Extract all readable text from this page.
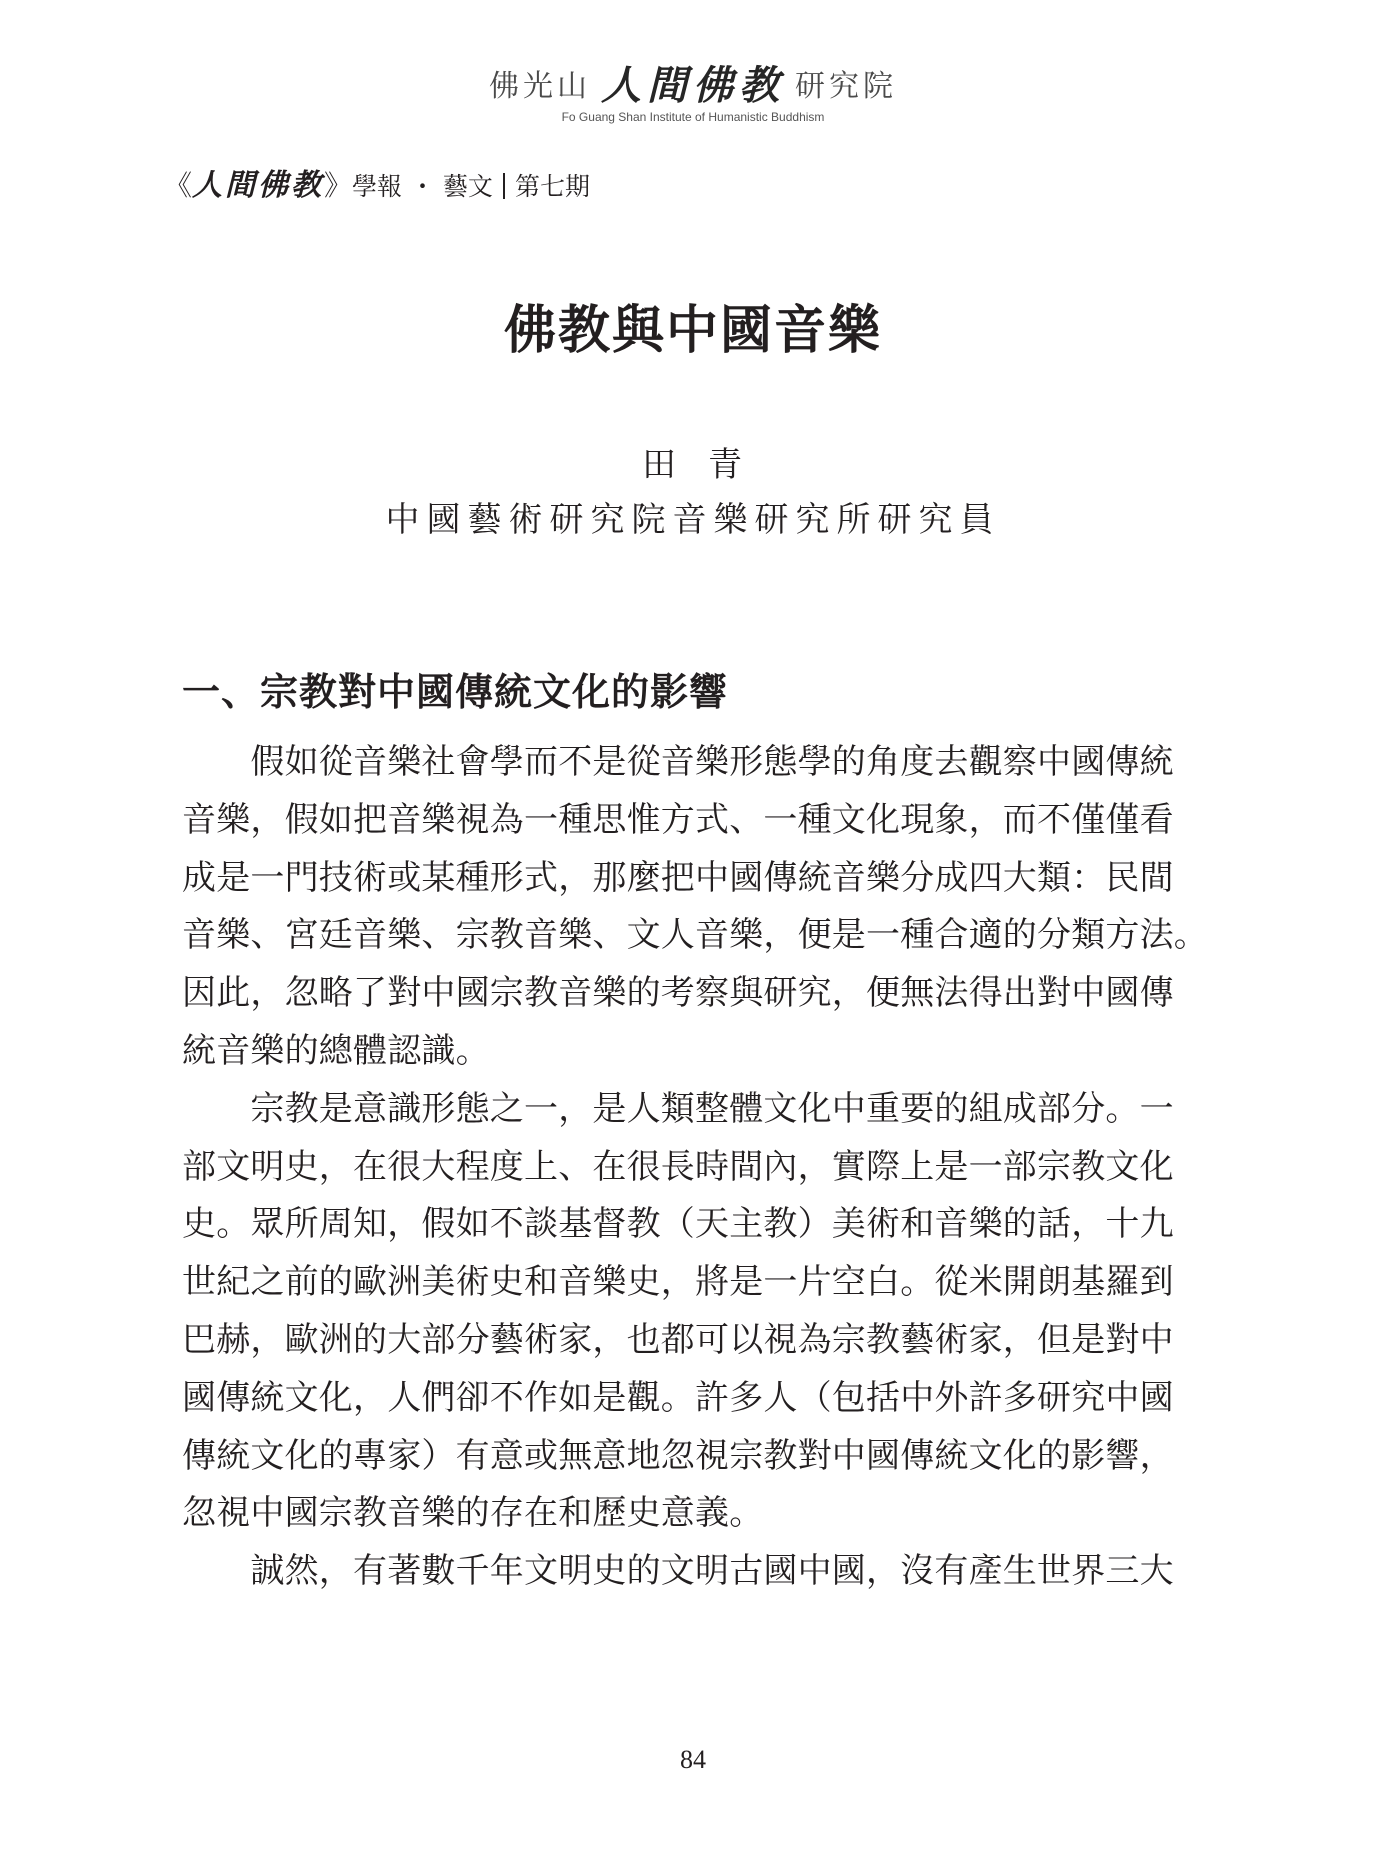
佛光山 人間佛教 研究院
Fo Guang Shan Institute of Humanistic Buddhism
《人間佛教》學報 ・ 藝文 第七期
佛教與中國音樂
田 青
中國藝術研究院音樂研究所研究員
一、宗教對中國傳統文化的影響

　　假如從音樂社會學而不是從音樂形態學的角度去觀察中國傳統
音樂，假如把音樂視為一種思惟方式、一種文化現象，而不僅僅看
成是一門技術或某種形式，那麼把中國傳統音樂分成四大類：民間
音樂、宮廷音樂、宗教音樂、文人音樂，便是一種合適的分類方法。
因此，忽略了對中國宗教音樂的考察與研究，便無法得出對中國傳
統音樂的總體認識。

　　宗教是意識形態之一，是人類整體文化中重要的組成部分。一
部文明史，在很大程度上、在很長時間內，實際上是一部宗教文化
史。眾所周知，假如不談基督教（天主教）美術和音樂的話，十九
世紀之前的歐洲美術史和音樂史，將是一片空白。從米開朗基羅到
巴赫，歐洲的大部分藝術家，也都可以視為宗教藝術家，但是對中
國傳統文化，人們卻不作如是觀。許多人（包括中外許多研究中國
傳統文化的專家）有意或無意地忽視宗教對中國傳統文化的影響，
忽視中國宗教音樂的存在和歷史意義。

　　誠然，有著數千年文明史的文明古國中國，沒有產生世界三大

84
